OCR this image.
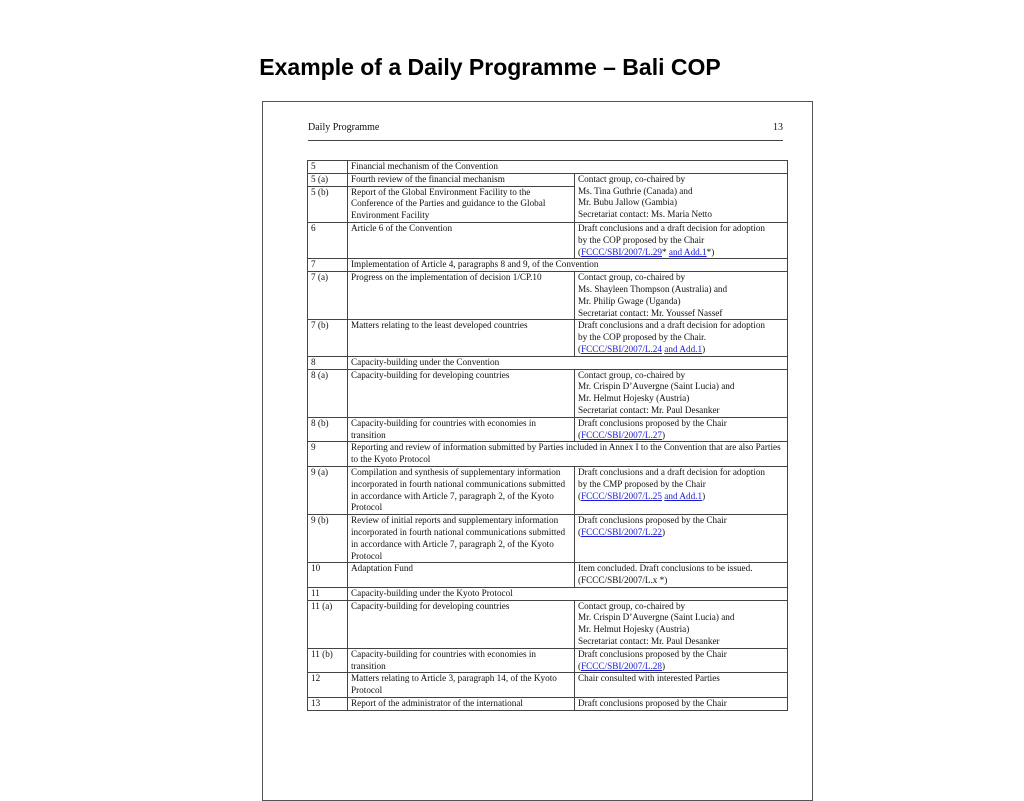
Example of a Daily Programme – Bali COP
Daily Programme	13
5	Financial mechanism of the Convention	
5 (a)	Fourth review of the financial mechanism	Contact group, co-chaired by
Ms. Tina Guthrie (Canada) and
Mr. Bubu Jallow (Gambia)
Secretariat contact: Ms. Maria Netto
5 (b)	Report of the Global Environment Facility to the Conference of the Parties and guidance to the Global Environment Facility	
6	Article 6 of the Convention	Draft conclusions and a draft decision for adoption
by the COP proposed by the Chair
(FCCC/SBI/2007/L.29* and Add.1*)
7	Implementation of Article 4, paragraphs 8 and 9, of the Convention	
7 (a)	Progress on the implementation of decision 1/CP.10	Contact group, co-chaired by
Ms. Shayleen Thompson (Australia) and
Mr. Philip Gwage (Uganda)
Secretariat contact: Mr. Youssef Nassef
7 (b)	Matters relating to the least developed countries	Draft conclusions and a draft decision for adoption
by the COP proposed by the Chair.
(FCCC/SBI/2007/L.24 and Add.1)
8	Capacity-building under the Convention	
8 (a)	Capacity-building for developing countries	Contact group, co-chaired by
Mr. Crispin D’Auvergne (Saint Lucia) and
Mr. Helmut Hojesky (Austria)
Secretariat contact: Mr. Paul Desanker
8 (b)	Capacity-building for countries with economies in transition	Draft conclusions proposed by the Chair
(FCCC/SBI/2007/L.27)
9	Reporting and review of information submitted by Parties included in Annex I to the Convention that are also Parties to the Kyoto Protocol	
9 (a)	Compilation and synthesis of supplementary information incorporated in fourth national communications submitted in accordance with Article 7, paragraph 2, of the Kyoto Protocol	Draft conclusions and a draft decision for adoption
by the CMP proposed by the Chair
(FCCC/SBI/2007/L.25 and Add.1)
9 (b)	Review of initial reports and supplementary information incorporated in fourth national communications submitted in accordance with Article 7, paragraph 2, of the Kyoto Protocol	Draft conclusions proposed by the Chair
(FCCC/SBI/2007/L.22)
10	Adaptation Fund	Item concluded. Draft conclusions to be issued.
(FCCC/SBI/2007/L.x *)
11	Capacity-building under the Kyoto Protocol	
11 (a)	Capacity-building for developing countries	Contact group, co-chaired by
Mr. Crispin D’Auvergne (Saint Lucia) and
Mr. Helmut Hojesky (Austria)
Secretariat contact: Mr. Paul Desanker
11 (b)	Capacity-building for countries with economies in transition	Draft conclusions proposed by the Chair
(FCCC/SBI/2007/L.28)
12	Matters relating to Article 3, paragraph 14, of the Kyoto Protocol	Chair consulted with interested Parties
13	Report of the administrator of the international	Draft conclusions proposed by the Chair
